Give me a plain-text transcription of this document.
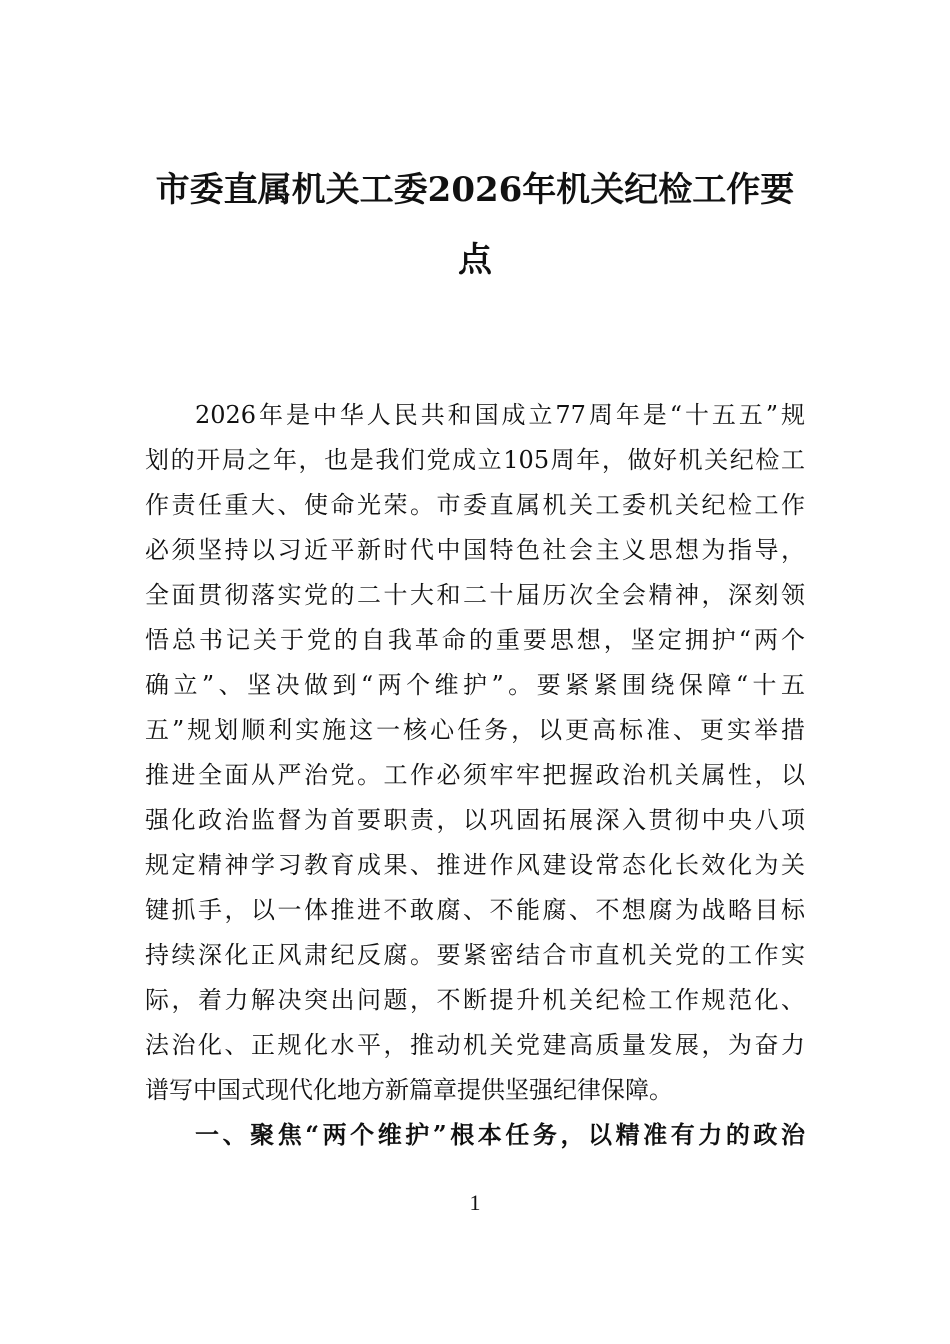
市委直属机关工委2026年机关纪检工作要
点
2026年是中华人民共和国成立77周年是“十五五”规
划的开局之年，也是我们党成立105周年，做好机关纪检工
作责任重大、使命光荣。市委直属机关工委机关纪检工作
必须坚持以习近平新时代中国特色社会主义思想为指导，
全面贯彻落实党的二十大和二十届历次全会精神，深刻领
悟总书记关于党的自我革命的重要思想，坚定拥护“两个
确立”、坚决做到“两个维护”。要紧紧围绕保障“十五
五”规划顺利实施这一核心任务，以更高标准、更实举措
推进全面从严治党。工作必须牢牢把握政治机关属性，以
强化政治监督为首要职责，以巩固拓展深入贯彻中央八项
规定精神学习教育成果、推进作风建设常态化长效化为关
键抓手，以一体推进不敢腐、不能腐、不想腐为战略目标
持续深化正风肃纪反腐。要紧密结合市直机关党的工作实
际，着力解决突出问题，不断提升机关纪检工作规范化、
法治化、正规化水平，推动机关党建高质量发展，为奋力
谱写中国式现代化地方新篇章提供坚强纪律保障。
一、聚焦“两个维护”根本任务，以精准有力的政治
1
